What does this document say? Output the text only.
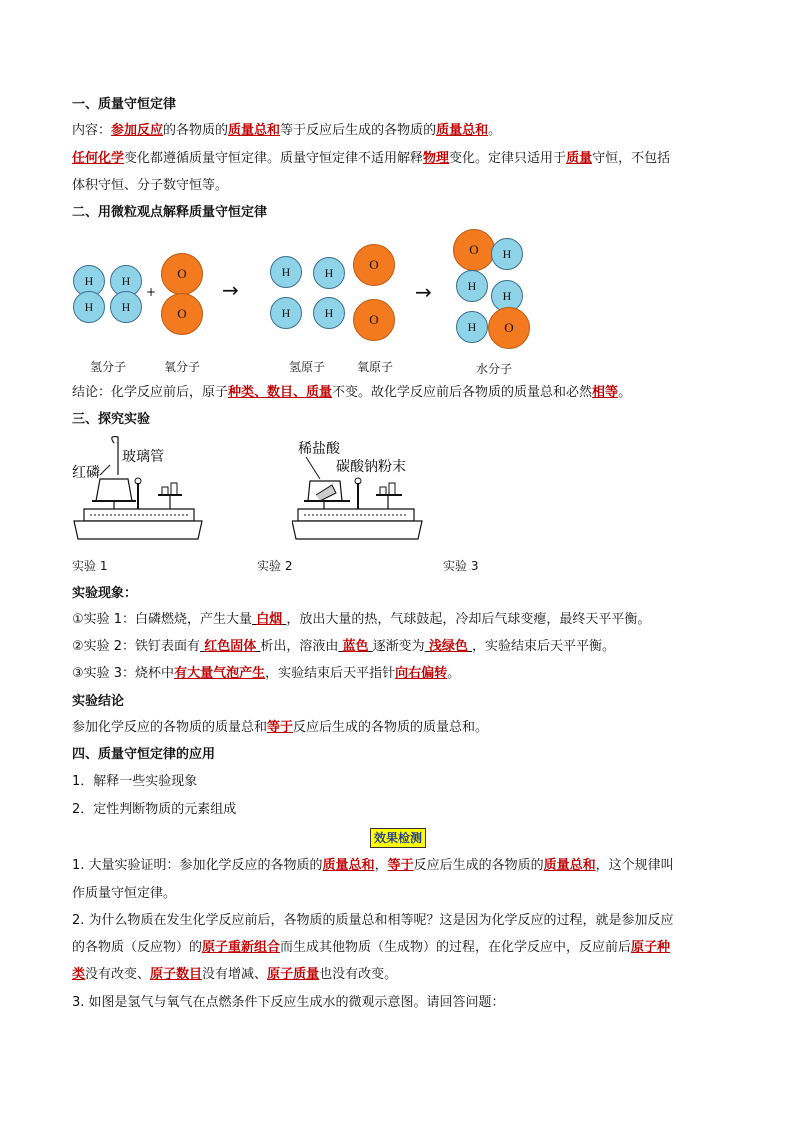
一、质量守恒定律
内容：参加反应的各物质的质量总和等于反应后生成的各物质的质量总和。
任何化学变化都遵循质量守恒定律。质量守恒定律不适用解释物理变化。定律只适用于质量守恒，不包括
体积守恒、分子数守恒等。
二、用微粒观点解释质量守恒定律
H	H
H	H
+
O
O
→
H	H
H	H
O
O
→
O	H
H
H
H	O
氢分子	氧分子	氢原子	氧原子	水分子
结论：化学反应前后，原子种类、数目、质量不变。故化学反应前后各物质的质量总和必然相等。
三、探究实验
红磷
玻璃管	稀盐酸
碳酸钠粉末
实验 1	实验 2	实验 3
实验现象：
①实验 1：白磷燃烧，产生大量 白烟 ，放出大量的热，气球鼓起，冷却后气球变瘪，最终天平平衡。
②实验 2：铁钉表面有 红色固体 析出，溶液由 蓝色 逐渐变为 浅绿色 ，实验结束后天平平衡。
③实验 3：烧杯中有大量气泡产生，实验结束后天平指针向右偏转。
实验结论
参加化学反应的各物质的质量总和等于反应后生成的各物质的质量总和。
四、质量守恒定律的应用
1．解释一些实验现象
2．定性判断物质的元素组成
效果检测
1. 大量实验证明：参加化学反应的各物质的质量总和，等于反应后生成的各物质的质量总和，这个规律叫
作质量守恒定律。
2. 为什么物质在发生化学反应前后，各物质的质量总和相等呢？这是因为化学反应的过程，就是参加反应
的各物质（反应物）的原子重新组合而生成其他物质（生成物）的过程，在化学反应中，反应前后原子种
类没有改变、原子数目没有增减、原子质量也没有改变。
3. 如图是氢气与氧气在点燃条件下反应生成水的微观示意图。请回答问题：
